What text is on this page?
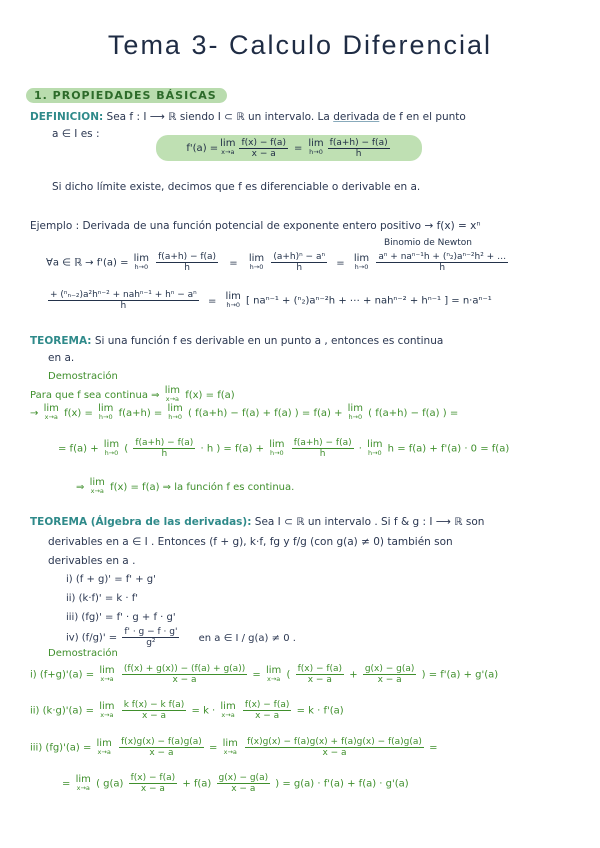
Tema 3- Calculo Diferencial
1. PROPIEDADES BÁSICAS
DEFINICION: Sea f : I ⟶ ℝ siendo I ⊂ ℝ un intervalo. La derivada de f en el punto
a ∈ I es :
f'(a) = lim
$x\to a \frac{f(x) - f(a)}{x - a} = \lim$
$h\to 0 \frac{f(a+h) - f(a)}{h}$
Si dicho límite existe, decimos que f es diferenciable o derivable en a.
Ejemplo : Derivada de una función potencial de exponente entero positivo → f(x) = xⁿ
Binomio de Newton
∀a ∈ ℝ → f'(a) = lim
h→0
$\frac{f(a+h) - f(a)}{h} = \lim$
h→0
$\frac{\text{(a+h)ⁿ − aⁿ}}{h} = \lim$
h→0
$\frac{\text{aⁿ + naⁿ⁻¹h + (ⁿ₂)aⁿ⁻²h² + …}}{h}$
$\frac{\text{+ (ⁿₙ₋₂)a²hⁿ⁻² + nahⁿ⁻¹ + hⁿ − aⁿ}}{h} = \lim$
h→0 [ naⁿ⁻¹ + (ⁿ₂)aⁿ⁻²h + ⋯ + nahⁿ⁻² + hⁿ⁻¹ ] = n·aⁿ⁻¹
TEOREMA: Si una función f es derivable en un punto a , entonces es continua
en a.
Demostración
Para que f sea continua ⇒ lim
x→a f(x) = f(a)
→ lim
x→a f(x) = lim
h→0 f(a+h) = lim
h→0 ( f(a+h) − f(a) + f(a) ) = f(a) + lim
h→0 ( f(a+h) − f(a) ) =
= f(a) + lim
h→0 ( $\frac{f(a+h) - f(a)}{h} \cdot h$ ) = f(a) + lim
h→0
$\frac{f(a+h) - f(a)}{h} \cdot \lim$
h→0 h = f(a) + f'(a) · 0 = f(a)
⇒ lim
x→a f(x) = f(a) ⇒ la función f es continua.
TEOREMA (Álgebra de las derivadas): Sea I ⊂ ℝ un intervalo . Si f & g : I ⟶ ℝ son
derivables en a ∈ I . Entonces (f + g), k·f, fg y f/g (con g(a) ≠ 0) también son
derivables en a .
i) (f + g)' = f' + g'
ii) (k·f)' = k · f'
iii) (fg)' = f' · g + f · g'
iv) $(f/g)' = \frac{f' \cdot g - f \cdot g'}{\text{g²}}$ en a ∈ I / g(a) ≠ 0 .
Demostración
i) (f+g)'(a) = lim
x→a
$\frac{(f(x) + g(x)) - (f(a) + g(a))}{x - a} = \lim$
x→a ( $\frac{f(x) - f(a)}{x - a} + \frac{g(x) - g(a)}{x - a}$ ) = f'(a) + g'(a)
ii) (k·g)'(a) = lim
x→a
$\frac{\text{k f(x) − k f(a)}}{x - a} = k \cdot \lim$
x→a
$\frac{f(x) - f(a)}{x - a} = k \cdot f'(a)$
iii) (fg)'(a) = lim
x→a
$\frac{f(x)g(x) - f(a)g(a)}{x - a} = \lim$
x→a
$\frac{f(x)g(x) - f(a)g(x) + f(a)g(x) - f(a)g(a)}{x - a}$ =
= lim
x→a ( $g(a) \frac{f(x) - f(a)}{x - a} + f(a) \frac{g(x) - g(a)}{x - a}$ ) = g(a) · f'(a) + f(a) · g'(a)
